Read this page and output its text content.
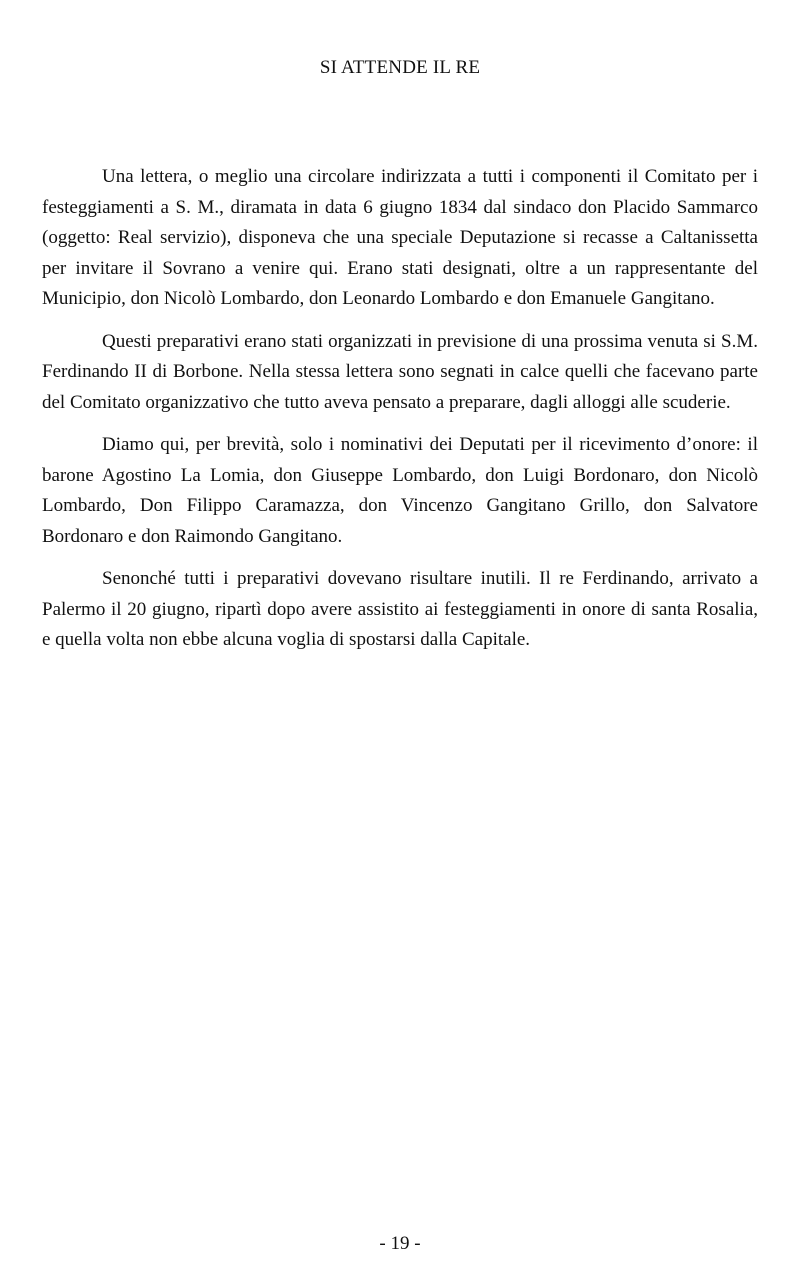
SI ATTENDE IL RE

Una lettera, o meglio una circolare indirizzata a tutti i componenti il Comitato per i festeggiamenti a S. M., diramata in data 6 giugno 1834 dal sindaco don Placido Sammarco (oggetto: Real servizio), disponeva che una speciale Deputazione si recasse a Caltanissetta per invitare il Sovrano a venire qui. Erano stati designati, oltre a un rappresentante del Municipio, don Nicolò Lombardo, don Leonardo Lombardo e don Emanuele Gangitano.

Questi preparativi erano stati organizzati in previsione di una prossima venuta si S.M. Ferdinando II di Borbone. Nella stessa lettera sono segnati in calce quelli che facevano parte del Comitato organizzativo che tutto aveva pensato a preparare, dagli alloggi alle scuderie.

Diamo qui, per brevità, solo i nominativi dei Deputati per il ricevimento d’onore: il barone Agostino La Lomia, don Giuseppe Lombardo, don Luigi Bordonaro, don Nicolò Lombardo, Don Filippo Caramazza, don Vincenzo Gangitano Grillo, don Salvatore Bordonaro e don Raimondo Gangitano.

Senonché tutti i preparativi dovevano risultare inutili. Il re Ferdinando, arrivato a Palermo il 20 giugno, ripartì dopo avere assistito ai festeggiamenti in onore di santa Rosalia, e quella volta non ebbe alcuna voglia di spostarsi dalla Capitale.

- 19 -
